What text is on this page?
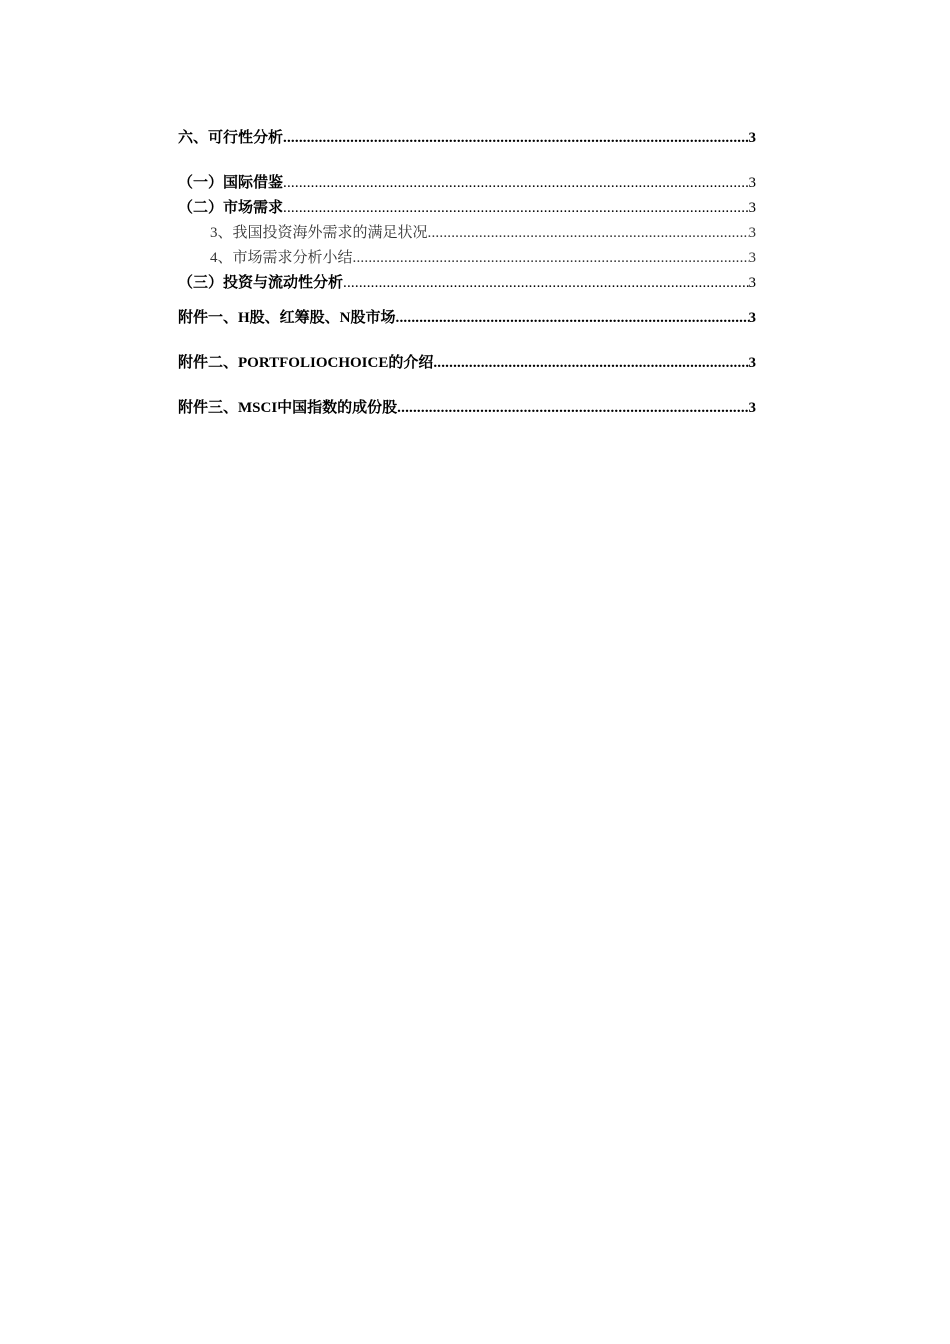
六、可行性分析 .....	3
（一）国际借鉴 .....	3
（二）市场需求 .....	3
3、我国投资海外需求的满足状况 .....	3
4、市场需求分析小结 .....	3
（三）投资与流动性分析 .....	3
附件一、H股、红筹股、N股市场 .....	3
附件二、PORTFOLIOCHOICE的介绍 .....	3
附件三、MSCI中国指数的成份股 .....	3
